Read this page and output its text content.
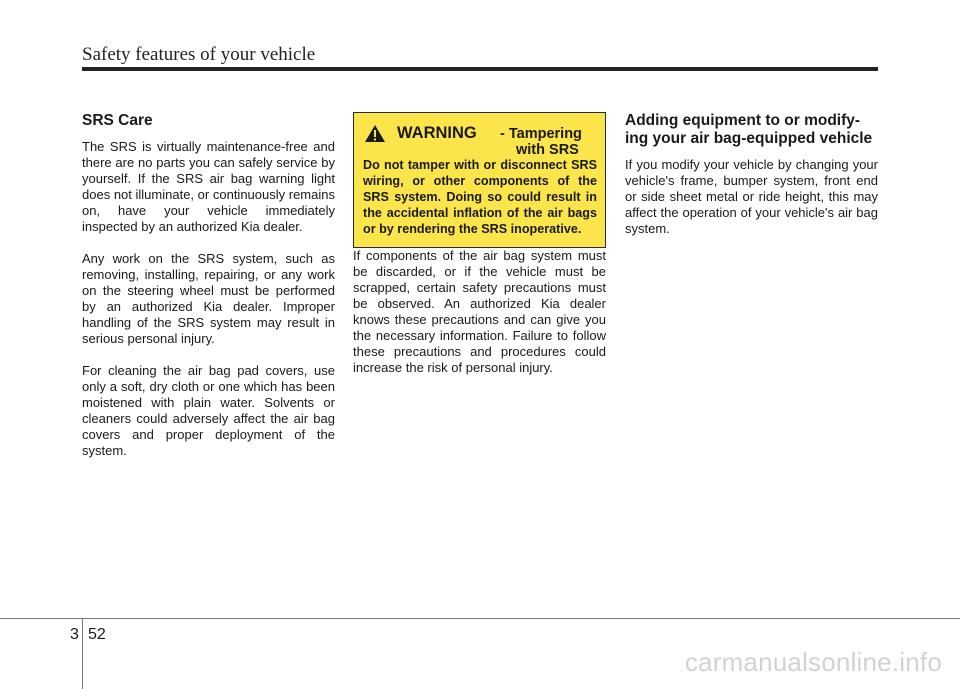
Safety features of your vehicle
SRS Care

The SRS is virtually maintenance-free and there are no parts you can safely service by yourself. If the SRS air bag warning light does not illuminate, or continuously remains on, have your vehicle immediately inspected by an authorized Kia dealer.

Any work on the SRS system, such as removing, installing, repairing, or any work on the steering wheel must be performed by an authorized Kia dealer. Improper handling of the SRS system may result in serious personal injury.

For cleaning the air bag pad covers, use only a soft, dry cloth or one which has been moistened with plain water. Solvents or cleaners could adversely affect the air bag covers and proper deployment of the system.

WARNING - Tampering
with SRS

Do not tamper with or disconnect SRS wiring, or other components of the SRS system. Doing so could result in the accidental inflation of the air bags or by rendering the SRS inoperative.

If components of the air bag system must be discarded, or if the vehicle must be scrapped, certain safety precautions must be observed. An authorized Kia dealer knows these precautions and can give you the necessary information. Failure to follow these precautions and procedures could increase the risk of personal injury.

Adding equipment to or modify-
ing your air bag-equipped vehicle

If you modify your vehicle by changing your vehicle's frame, bumper system, front end or side sheet metal or ride height, this may affect the operation of your vehicle's air bag system.

3 52
carmanualsonline.info
